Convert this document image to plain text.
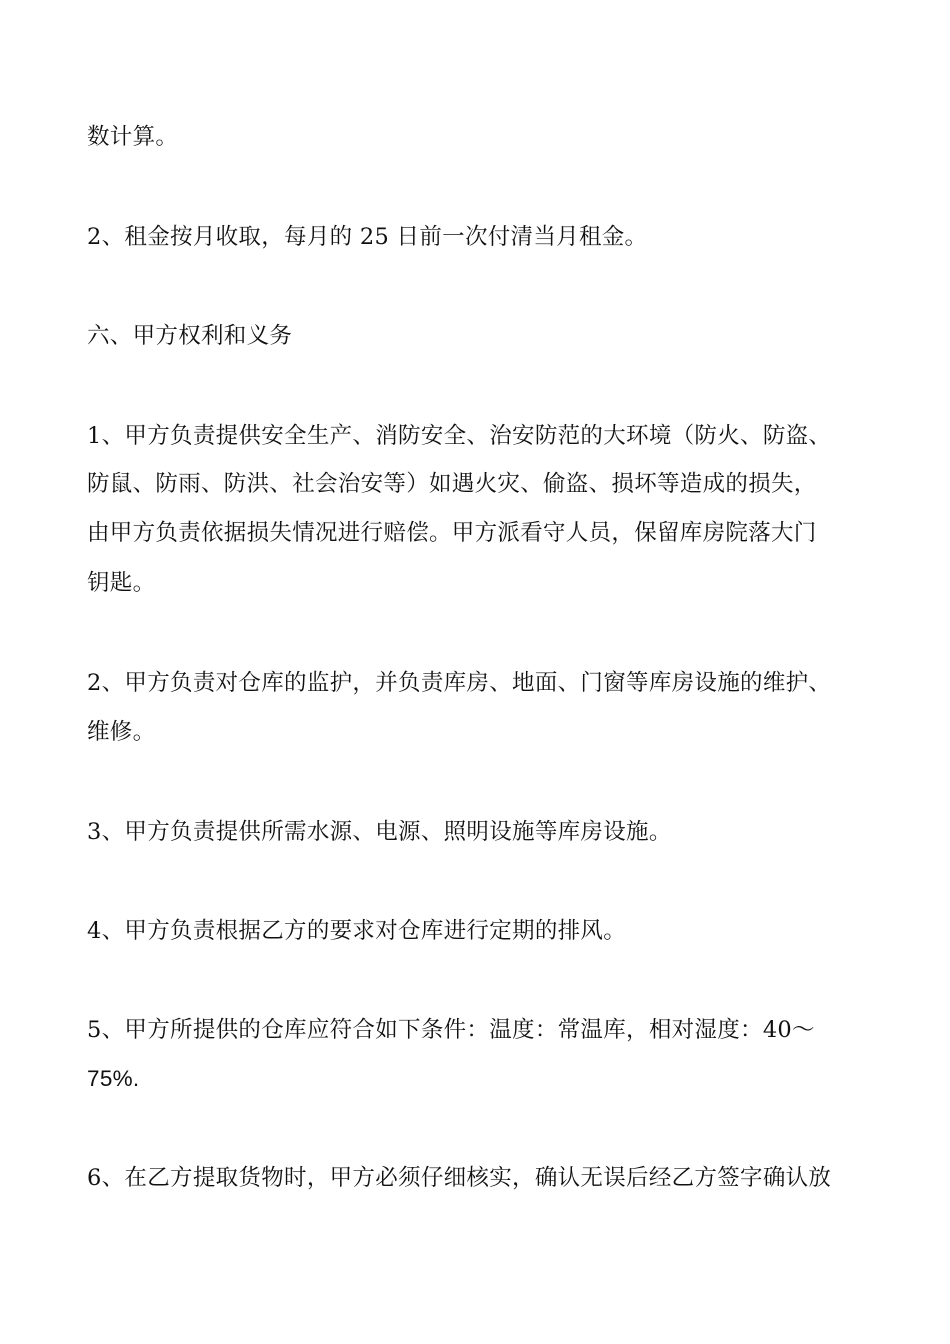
数计算。
2、租金按月收取，每月的 25 日前一次付清当月租金。
六、甲方权利和义务
1、甲方负责提供安全生产、消防安全、治安防范的大环境（防火、防盗、
防鼠、防雨、防洪、社会治安等）如遇火灾、偷盗、损坏等造成的损失，
由甲方负责依据损失情况进行赔偿。甲方派看守人员，保留库房院落大门
钥匙。
2、甲方负责对仓库的监护，并负责库房、地面、门窗等库房设施的维护、
维修。
3、甲方负责提供所需水源、电源、照明设施等库房设施。
4、甲方负责根据乙方的要求对仓库进行定期的排风。
5、甲方所提供的仓库应符合如下条件：温度：常温库，相对湿度：40～
75%.
6、在乙方提取货物时，甲方必须仔细核实，确认无误后经乙方签字确认放
